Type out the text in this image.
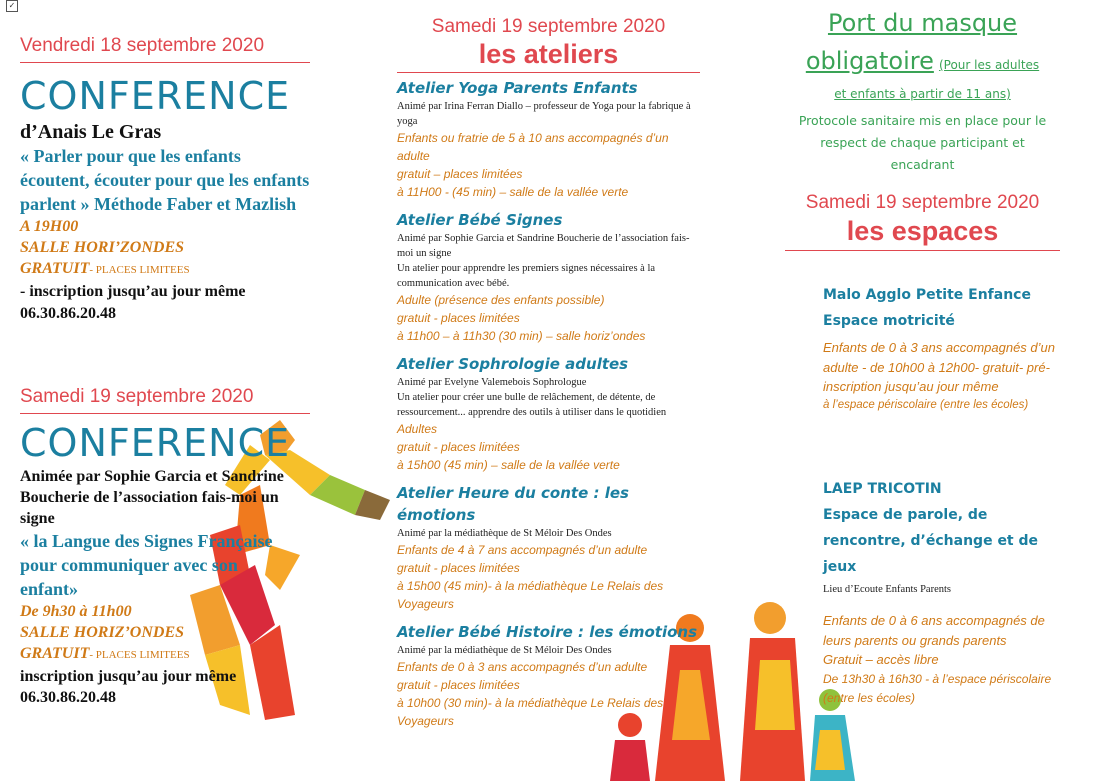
✓
Vendredi 18 septembre 2020
CONFERENCE
d’Anais Le Gras
« Parler pour que les enfants écoutent, écouter pour que les enfants parlent » Méthode Faber et Mazlish
A 19H00
SALLE HORI’ZONDES
GRATUIT- PLACES LIMITEES
- inscription jusqu’au jour même
06.30.86.20.48
Samedi 19 septembre 2020
CONFERENCE
Animée par Sophie Garcia et Sandrine Boucherie de l’association fais-moi un signe
« la Langue des Signes Française pour communiquer avec son enfant»
De 9h30 à 11h00
SALLE HORIZ’ONDES
GRATUIT- PLACES LIMITEES
inscription jusqu’au jour même
06.30.86.20.48
Samedi 19 septembre 2020
les ateliers
Atelier Yoga Parents Enfants
Animé par Irina Ferran Diallo – professeur de Yoga pour la fabrique à yoga
Enfants ou fratrie de 5 à 10 ans accompagnés d’un adulte
gratuit – places limitées
à 11H00 - (45 min) – salle de la vallée verte
Atelier Bébé Signes
Animé par Sophie Garcia et Sandrine Boucherie de l’association fais-moi un signe
Un atelier pour apprendre les premiers signes nécessaires à la communication avec bébé.
Adulte (présence des enfants possible)
gratuit - places limitées
à 11h00 – à 11h30 (30 min) – salle horiz’ondes
Atelier Sophrologie adultes
Animé par Evelyne Valemebois Sophrologue
Un atelier pour créer une bulle de relâchement, de détente, de ressourcement... apprendre des outils à utiliser dans le quotidien
Adultes
gratuit - places limitées
à 15h00 (45 min) – salle de la vallée verte
Atelier Heure du conte : les émotions
Animé par la médiathèque de St Méloir Des Ondes
Enfants de 4 à 7 ans accompagnés d’un adulte
gratuit - places limitées
à 15h00 (45 min)- à la médiathèque Le Relais des Voyageurs
Atelier Bébé Histoire : les émotions
Animé par la médiathèque de St Méloir Des Ondes
Enfants de 0 à 3 ans accompagnés d’un adulte
gratuit - places limitées
à 10h00 (30 min)- à la médiathèque Le Relais des Voyageurs
Port du masque
obligatoire (Pour les adultes
et enfants à partir de 11 ans)
Protocole sanitaire mis en place pour le respect de chaque participant et encadrant
Samedi 19 septembre 2020
les espaces
Malo Agglo Petite Enfance
Espace motricité
Enfants de 0 à 3 ans accompagnés d’un adulte - de 10h00 à 12h00- gratuit- pré-inscription jusqu’au jour même
à l’espace périscolaire (entre les écoles)
LAEP TRICOTIN
Espace de parole, de rencontre, d’échange et de jeux
Lieu d’Ecoute Enfants Parents
Enfants de 0 à 6 ans accompagnés de leurs parents ou grands parents
Gratuit – accès libre
De 13h30 à 16h30 - à l’espace périscolaire (entre les écoles)
